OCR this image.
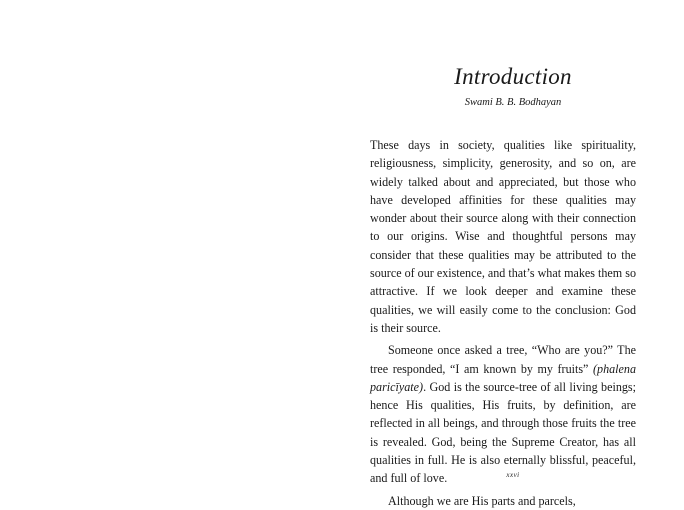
Introduction
Swami B. B. Bodhayan

These days in society, qualities like spirituality, religiousness, simplicity, generosity, and so on, are widely talked about and appreciated, but those who have developed affinities for these qualities may wonder about their source along with their connection to our origins. Wise and thoughtful persons may consider that these qualities may be attributed to the source of our existence, and that’s what makes them so attractive. If we look deeper and examine these qualities, we will easily come to the conclusion: God is their source.

Someone once asked a tree, “Who are you?” The tree responded, “I am known by my fruits” (phalena paricīyate). God is the source-tree of all living beings; hence His qualities, His fruits, by definition, are reflected in all beings, and through those fruits the tree is revealed. God, being the Supreme Creator, has all qualities in full. He is also eternally blissful, peaceful, and full of love.

Although we are His parts and parcels,

xxvi
